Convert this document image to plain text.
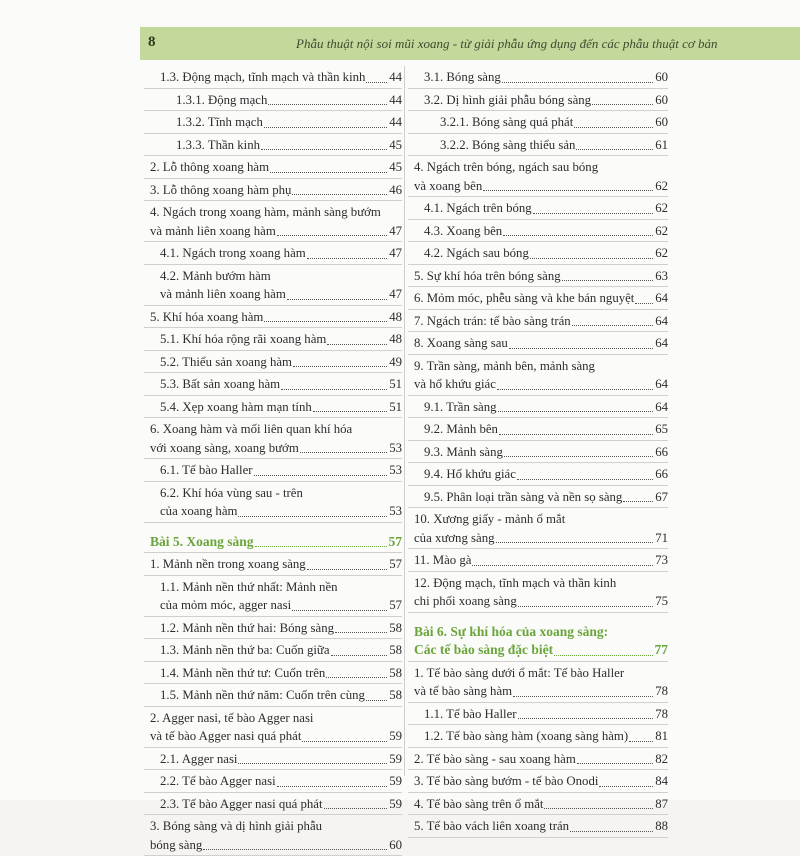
8	Phẫu thuật nội soi mũi xoang - từ giải phẫu ứng dụng đến các phẫu thuật cơ bản
1.3. Động mạch, tĩnh mạch và thần kinh 44
1.3.1. Động mạch	44
1.3.2. Tĩnh mạch	44
1.3.3. Thần kinh	45
2. Lỗ thông xoang hàm	45
3. Lỗ thông xoang hàm phụ	46
4. Ngách trong xoang hàm, mảnh sàng bướm
và mảnh liên xoang hàm	47
4.1. Ngách trong xoang hàm	47
4.2. Mảnh bướm hàm
và mảnh liên xoang hàm	47
5. Khí hóa xoang hàm	48
5.1. Khí hóa rộng rãi xoang hàm	48
5.2. Thiểu sản xoang hàm	49
5.3. Bất sản xoang hàm	51
5.4. Xẹp xoang hàm mạn tính	51
6. Xoang hàm và mối liên quan khí hóa
với xoang sàng, xoang bướm	53
6.1. Tế bào Haller	53
6.2. Khí hóa vùng sau - trên
của xoang hàm	53
Bài 5. Xoang sàng	57
1. Mảnh nền trong xoang sàng	57
1.1. Mảnh nền thứ nhất: Mảnh nền
của mỏm móc, agger nasi	57
1.2. Mảnh nền thứ hai: Bóng sàng	58
1.3. Mảnh nền thứ ba: Cuốn giữa	58
1.4. Mảnh nền thứ tư: Cuốn trên	58
1.5. Mảnh nền thứ năm: Cuốn trên cùng 58
2. Agger nasi, tế bào Agger nasi
và tế bào Agger nasi quá phát	59
2.1. Agger nasi	59
2.2. Tế bào Agger nasi	59
2.3. Tế bào Agger nasi quá phát	59
3. Bóng sàng và dị hình giải phẫu
bóng sàng	60
3.1. Bóng sàng	60
3.2. Dị hình giải phẫu bóng sàng	60
3.2.1. Bóng sàng quá phát	60
3.2.2. Bóng sàng thiểu sản	61
4. Ngách trên bóng, ngách sau bóng
và xoang bên	62
4.1. Ngách trên bóng	62
4.3. Xoang bên	62
4.2. Ngách sau bóng	62
5. Sự khí hóa trên bóng sàng	63
6. Mỏm móc, phễu sàng và khe bán nguyệt 64
7. Ngách trán: tế bào sàng trán	64
8. Xoang sàng sau	64
9. Trần sàng, mảnh bên, mảnh sàng
và hố khứu giác	64
9.1. Trần sàng	64
9.2. Mảnh bên	65
9.3. Mảnh sàng	66
9.4. Hố khứu giác	66
9.5. Phân loại trần sàng và nền sọ sàng	67
10. Xương giấy - mảnh ổ mắt
của xương sàng	71
11. Mào gà	73
12. Động mạch, tĩnh mạch và thần kinh
chi phối xoang sàng	75
Bài 6. Sự khí hóa của xoang sàng:
Các tế bào sàng đặc biệt	77
1. Tế bào sàng dưới ổ mắt: Tế bào Haller
và tế bào sàng hàm	78
1.1. Tế bào Haller	78
1.2. Tế bào sàng hàm (xoang sàng hàm) 81
2. Tế bào sàng - sau xoang hàm	82
3. Tế bào sàng bướm - tế bào Onodi	84
4. Tế bào sàng trên ổ mắt	87
5. Tế bào vách liên xoang trán	88
